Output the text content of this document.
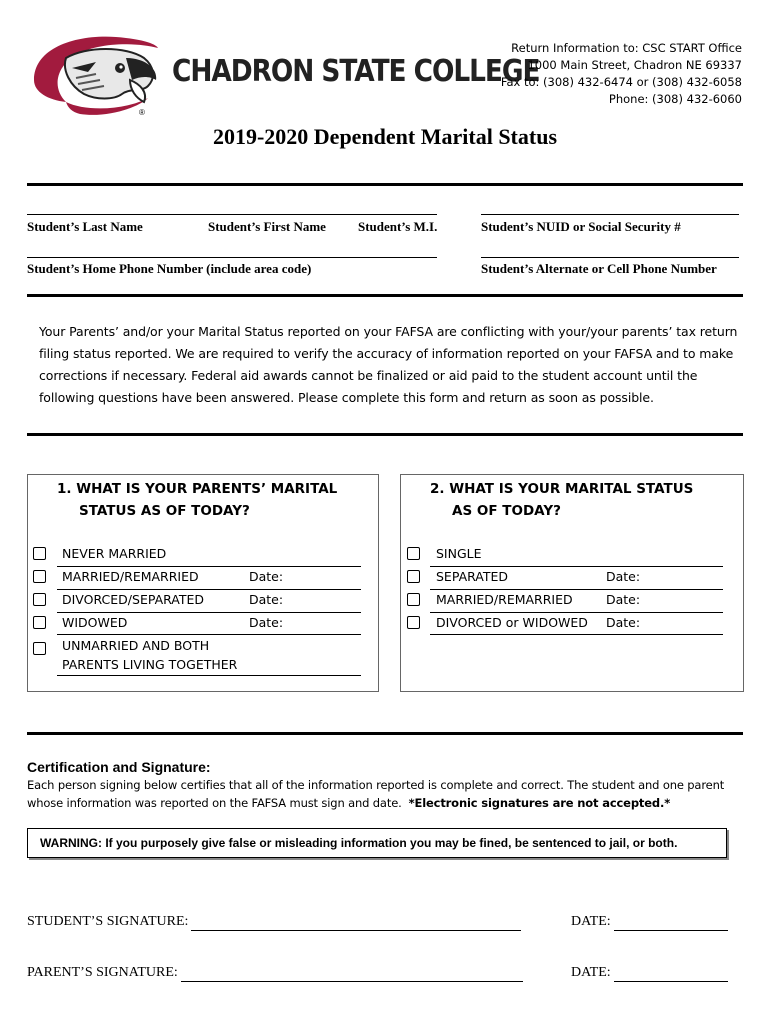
CHADRON STATE COLLEGE
®
Return Information to: CSC START Office
1000 Main Street, Chadron NE 69337
Fax to: (308) 432-6474 or (308) 432-6058
Phone: (308) 432-6060
2019-2020 Dependent Marital Status
Student’s Last Name	Student’s First Name Student’s M.I.	Student’s NUID or Social Security #
Student’s Home Phone Number (include area code)	Student’s Alternate or Cell Phone Number
Your Parents’ and/or your Marital Status reported on your FAFSA are conflicting with your/your parents’ tax return
filing status reported. We are required to verify the accuracy of information reported on your FAFSA and to make
corrections if necessary. Federal aid awards cannot be finalized or aid paid to the student account until the
following questions have been answered. Please complete this form and return as soon as possible.
1. WHAT IS YOUR PARENTS’ MARITAL
STATUS AS OF TODAY?
NEVER MARRIED
MARRIED/REMARRIED	Date:
DIVORCED/SEPARATED	Date:
WIDOWED	Date:
UNMARRIED AND BOTH
PARENTS LIVING TOGETHER
2. WHAT IS YOUR MARITAL STATUS
AS OF TODAY?
SINGLE
SEPARATED	Date:
MARRIED/REMARRIED	Date:
DIVORCED or WIDOWED Date:
Certification and Signature:
Each person signing below certifies that all of the information reported is complete and correct. The student and one parent
whose information was reported on the FAFSA must sign and date. *Electronic signatures are not accepted.*
WARNING: If you purposely give false or misleading information you may be fined, be sentenced to jail, or both.
STUDENT’S SIGNATURE:	DATE:
PARENT’S SIGNATURE:	DATE:
